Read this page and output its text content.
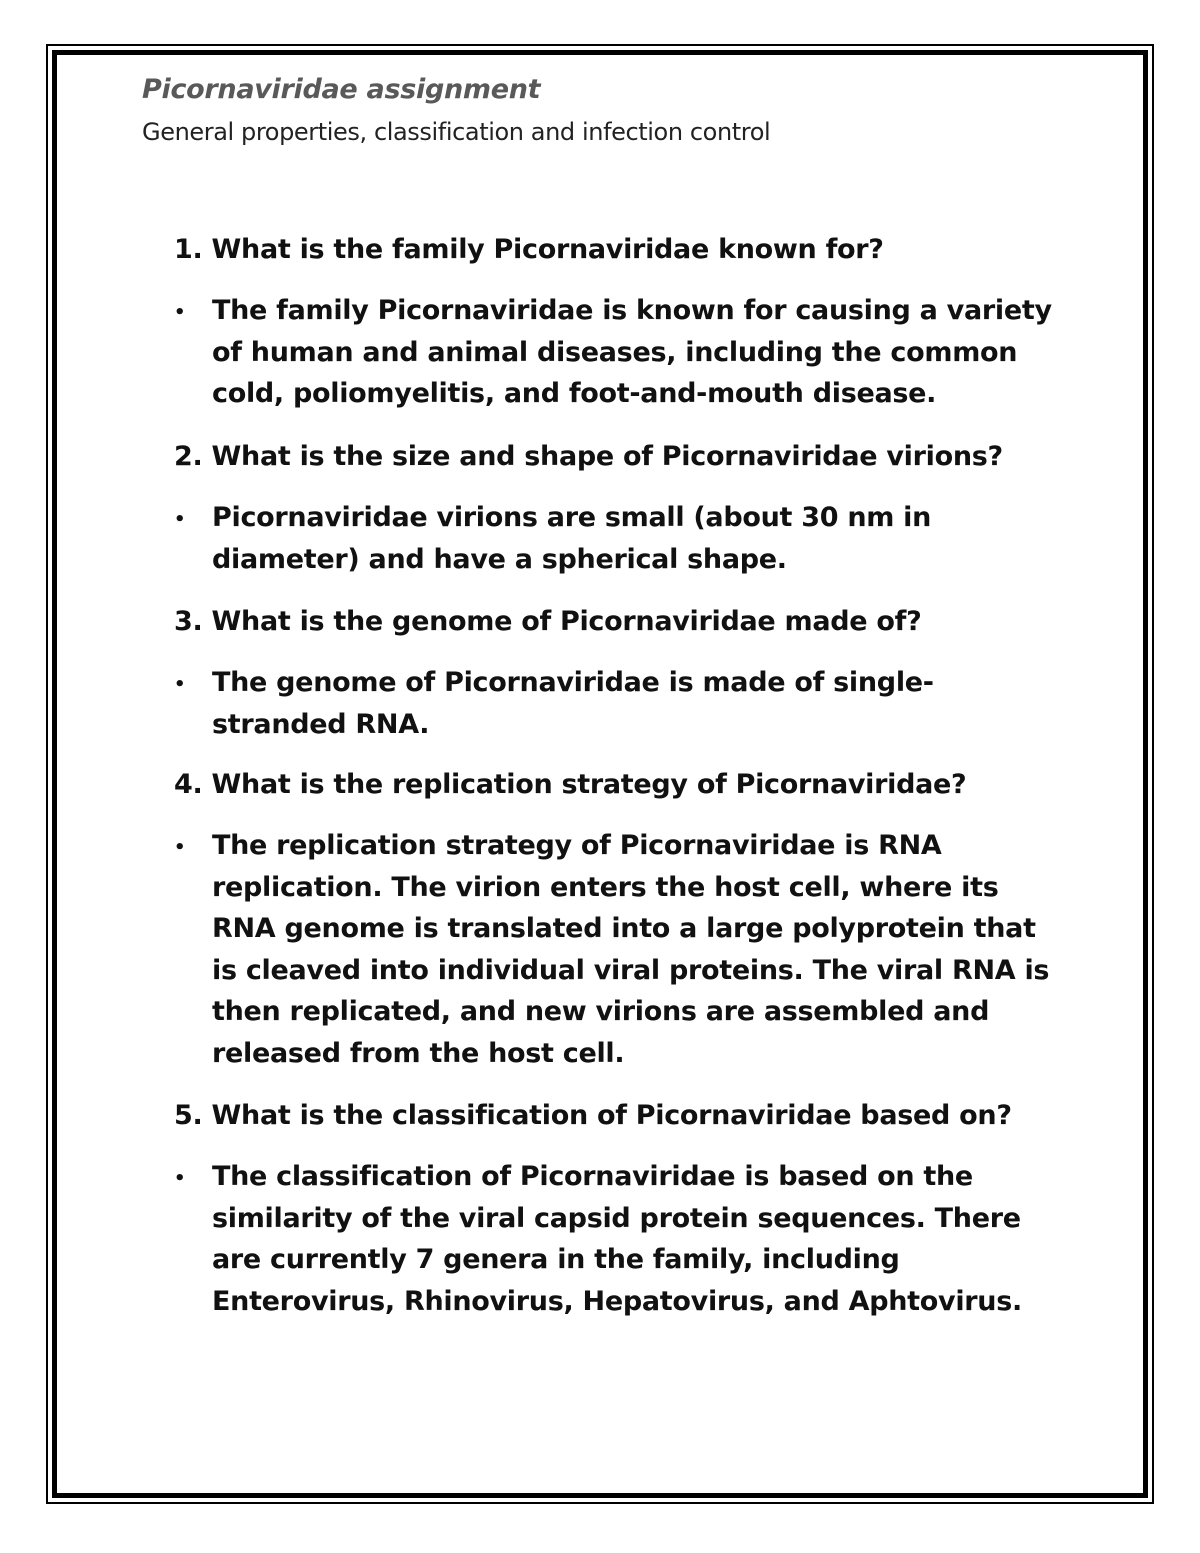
Picornaviridae assignment

General properties, classification and infection control

1. What is the family Picornaviridae known for?
• The family Picornaviridae is known for causing a variety
of human and animal diseases, including the common
cold, poliomyelitis, and foot-and-mouth disease.
2. What is the size and shape of Picornaviridae virions?
• Picornaviridae virions are small (about 30 nm in
diameter) and have a spherical shape.
3. What is the genome of Picornaviridae made of?
• The genome of Picornaviridae is made of single-
stranded RNA.
4. What is the replication strategy of Picornaviridae?
• The replication strategy of Picornaviridae is RNA
replication. The virion enters the host cell, where its
RNA genome is translated into a large polyprotein that
is cleaved into individual viral proteins. The viral RNA is
then replicated, and new virions are assembled and
released from the host cell.
5. What is the classification of Picornaviridae based on?
• The classification of Picornaviridae is based on the
similarity of the viral capsid protein sequences. There
are currently 7 genera in the family, including
Enterovirus, Rhinovirus, Hepatovirus, and Aphtovirus.
